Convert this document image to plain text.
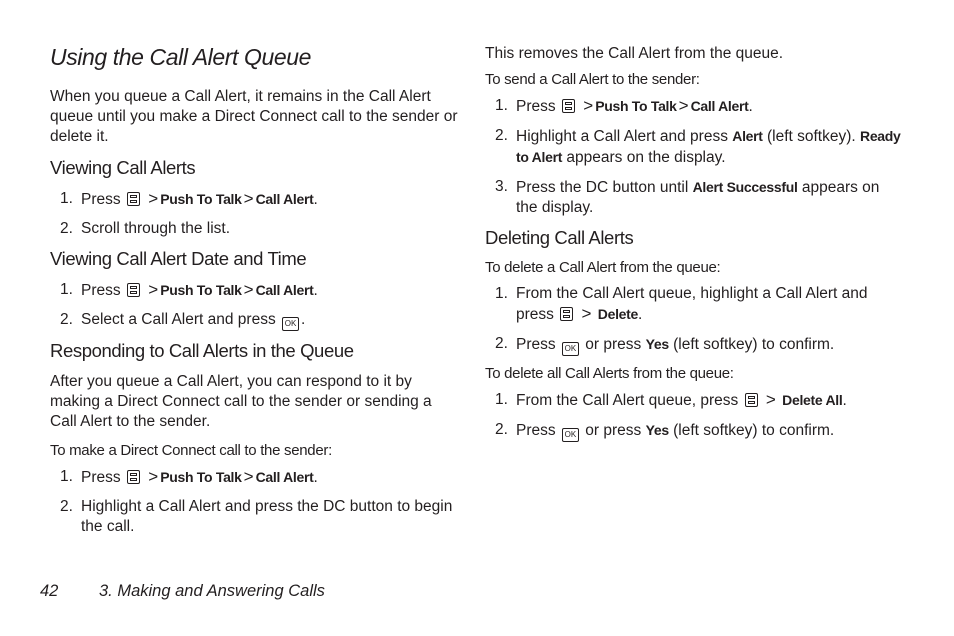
Using the Call Alert Queue

When you queue a Call Alert, it remains in the Call Alert queue until you make a Direct Connect call to the sender or delete it.

Viewing Call Alerts
1. Press > Push To Talk > Call Alert.
2. Scroll through the list.
Viewing Call Alert Date and Time
1. Press > Push To Talk > Call Alert.
2. Select a Call Alert and press OK .
Responding to Call Alerts in the Queue

After you queue a Call Alert, you can respond to it by making a Direct Connect call to the sender or sending a Call Alert to the sender.

To make a Direct Connect call to the sender:

1. Press > Push To Talk > Call Alert.
2. Highlight a Call Alert and press the DC button to begin the call.

This removes the Call Alert from the queue.

To send a Call Alert to the sender:

1. Press > Push To Talk > Call Alert.
2. Highlight a Call Alert and press Alert (left softkey). Ready to Alert appears on the display.
3. Press the DC button until Alert Successful appears on the display.
Deleting Call Alerts

To delete a Call Alert from the queue:

1. From the Call Alert queue, highlight a Call Alert and press > Delete.
2. Press OK or press Yes (left softkey) to confirm.

To delete all Call Alerts from the queue:

1. From the Call Alert queue, press > Delete All.
2. Press OK or press Yes (left softkey) to confirm.
42 3. Making and Answering Calls
